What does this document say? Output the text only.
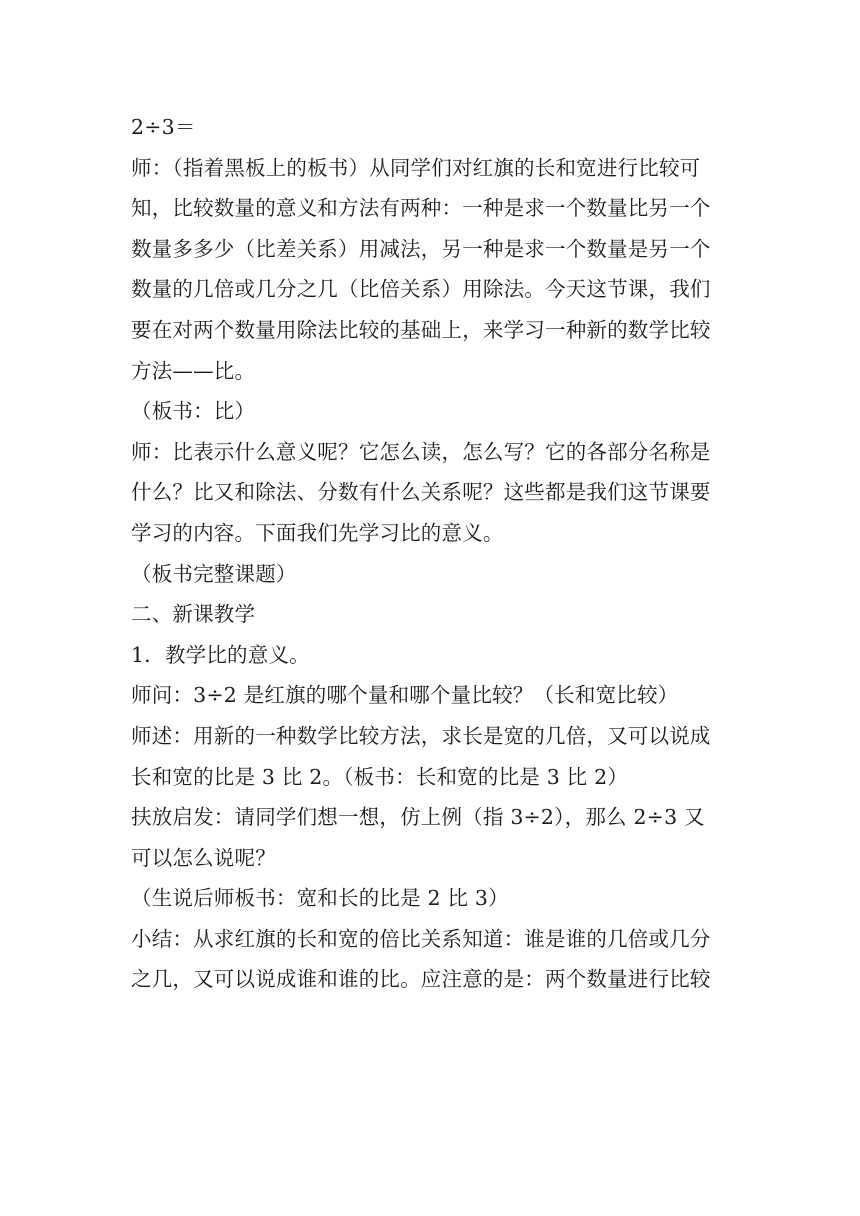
2÷3＝
师：（指着黑板上的板书）从同学们对红旗的长和宽进行比较可
知，比较数量的意义和方法有两种：一种是求一个数量比另一个
数量多多少（比差关系）用减法，另一种是求一个数量是另一个
数量的几倍或几分之几（比倍关系）用除法。今天这节课，我们
要在对两个数量用除法比较的基础上，来学习一种新的数学比较
方法——比。
（板书：比）
师：比表示什么意义呢？它怎么读，怎么写？它的各部分名称是
什么？比又和除法、分数有什么关系呢？这些都是我们这节课要
学习的内容。下面我们先学习比的意义。
（板书完整课题）
二、新课教学
1．教学比的意义。
师问：3÷2 是红旗的哪个量和哪个量比较？（长和宽比较）
师述：用新的一种数学比较方法，求长是宽的几倍，又可以说成
长和宽的比是 3 比 2。（板书：长和宽的比是 3 比 2）
扶放启发：请同学们想一想，仿上例（指 3÷2），那么 2÷3 又
可以怎么说呢？
（生说后师板书：宽和长的比是 2 比 3）
小结：从求红旗的长和宽的倍比关系知道：谁是谁的几倍或几分
之几，又可以说成谁和谁的比。应注意的是：两个数量进行比较
